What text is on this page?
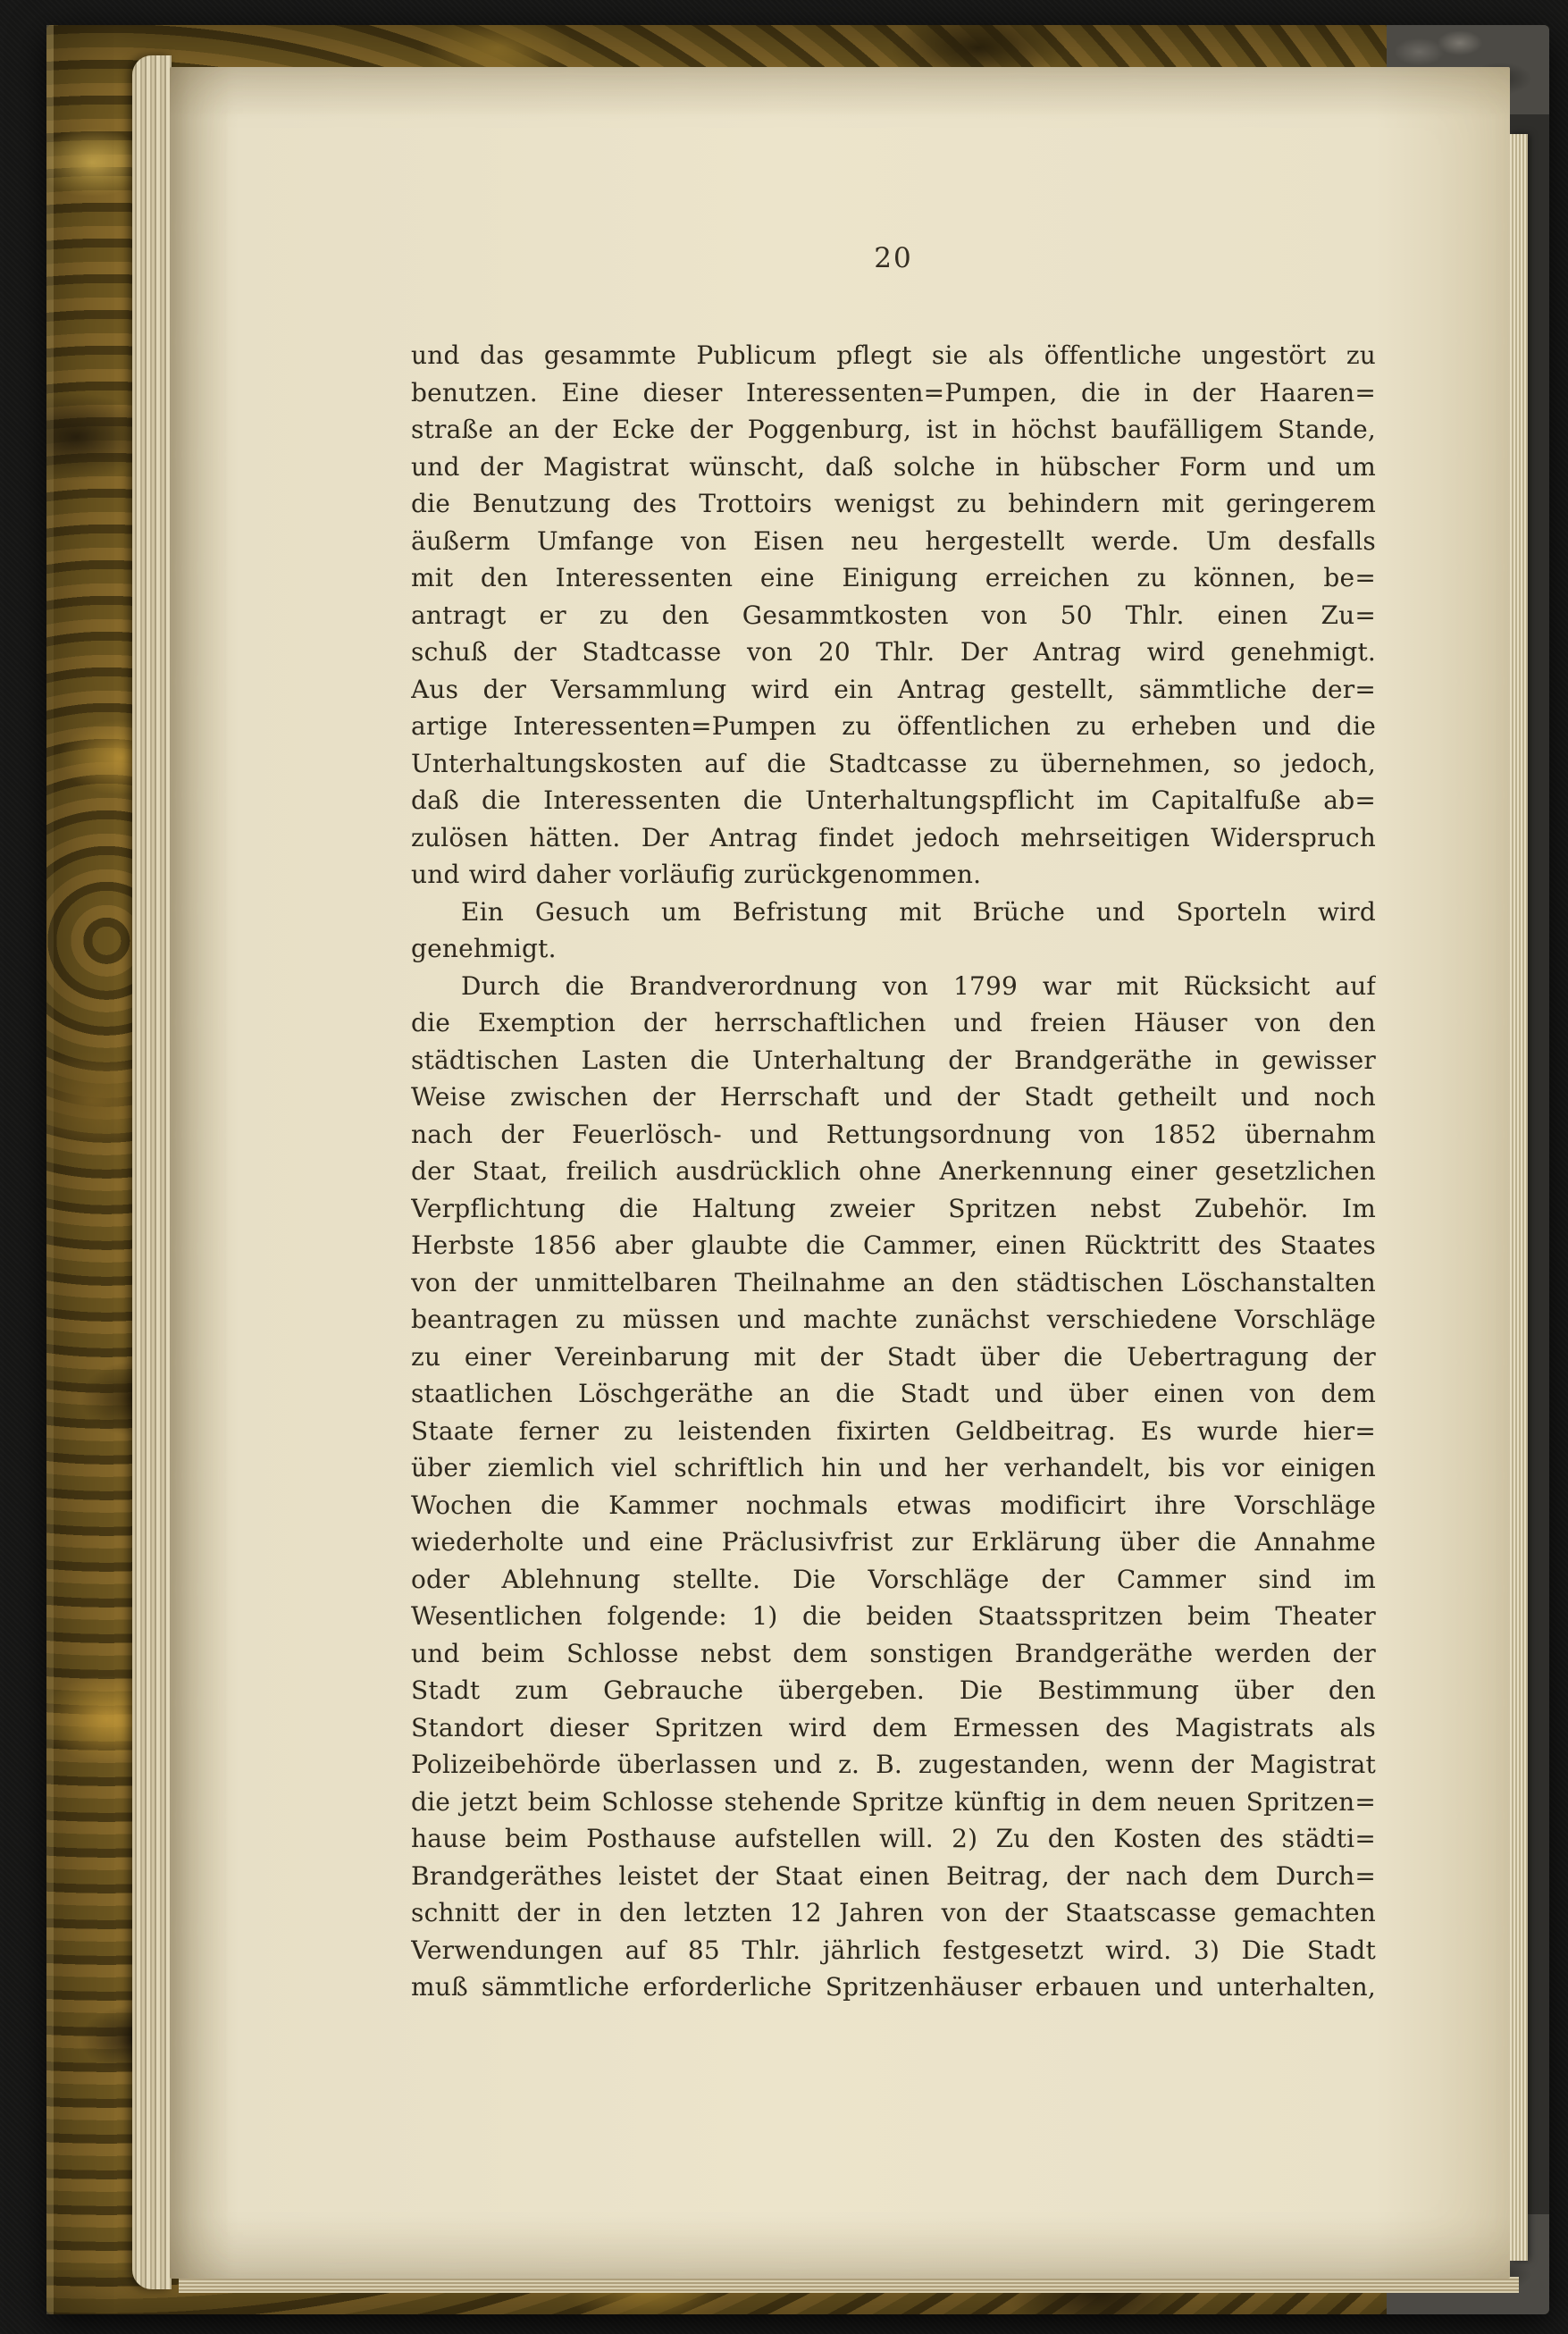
20
und das gesammte Publicum pflegt sie als öffentliche ungestört zu
benutzen. Eine dieser Interessenten=Pumpen, die in der Haaren=
straße an der Ecke der Poggenburg, ist in höchst baufälligem Stande,
und der Magistrat wünscht, daß solche in hübscher Form und um
die Benutzung des Trottoirs wenigst zu behindern mit geringerem
äußerm Umfange von Eisen neu hergestellt werde. Um desfalls
mit den Interessenten eine Einigung erreichen zu können, be=
antragt er zu den Gesammtkosten von 50 Thlr. einen Zu=
schuß der Stadtcasse von 20 Thlr. Der Antrag wird genehmigt.
Aus der Versammlung wird ein Antrag gestellt, sämmtliche der=
artige Interessenten=Pumpen zu öffentlichen zu erheben und die
Unterhaltungskosten auf die Stadtcasse zu übernehmen, so jedoch,
daß die Interessenten die Unterhaltungspflicht im Capitalfuße ab=
zulösen hätten. Der Antrag findet jedoch mehrseitigen Widerspruch
und wird daher vorläufig zurückgenommen.
Ein Gesuch um Befristung mit Brüche und Sporteln wird
genehmigt.
Durch die Brandverordnung von 1799 war mit Rücksicht auf
die Exemption der herrschaftlichen und freien Häuser von den
städtischen Lasten die Unterhaltung der Brandgeräthe in gewisser
Weise zwischen der Herrschaft und der Stadt getheilt und noch
nach der Feuerlösch- und Rettungsordnung von 1852 übernahm
der Staat, freilich ausdrücklich ohne Anerkennung einer gesetzlichen
Verpflichtung die Haltung zweier Spritzen nebst Zubehör. Im
Herbste 1856 aber glaubte die Cammer, einen Rücktritt des Staates
von der unmittelbaren Theilnahme an den städtischen Löschanstalten
beantragen zu müssen und machte zunächst verschiedene Vorschläge
zu einer Vereinbarung mit der Stadt über die Uebertragung der
staatlichen Löschgeräthe an die Stadt und über einen von dem
Staate ferner zu leistenden fixirten Geldbeitrag. Es wurde hier=
über ziemlich viel schriftlich hin und her verhandelt, bis vor einigen
Wochen die Kammer nochmals etwas modificirt ihre Vorschläge
wiederholte und eine Präclusivfrist zur Erklärung über die Annahme
oder Ablehnung stellte. Die Vorschläge der Cammer sind im
Wesentlichen folgende: 1) die beiden Staatsspritzen beim Theater
und beim Schlosse nebst dem sonstigen Brandgeräthe werden der
Stadt zum Gebrauche übergeben. Die Bestimmung über den
Standort dieser Spritzen wird dem Ermessen des Magistrats als
Polizeibehörde überlassen und z. B. zugestanden, wenn der Magistrat
die jetzt beim Schlosse stehende Spritze künftig in dem neuen Spritzen=
hause beim Posthause aufstellen will. 2) Zu den Kosten des städti=
Brandgeräthes leistet der Staat einen Beitrag, der nach dem Durch=
schnitt der in den letzten 12 Jahren von der Staatscasse gemachten
Verwendungen auf 85 Thlr. jährlich festgesetzt wird. 3) Die Stadt
muß sämmtliche erforderliche Spritzenhäuser erbauen und unterhalten,
